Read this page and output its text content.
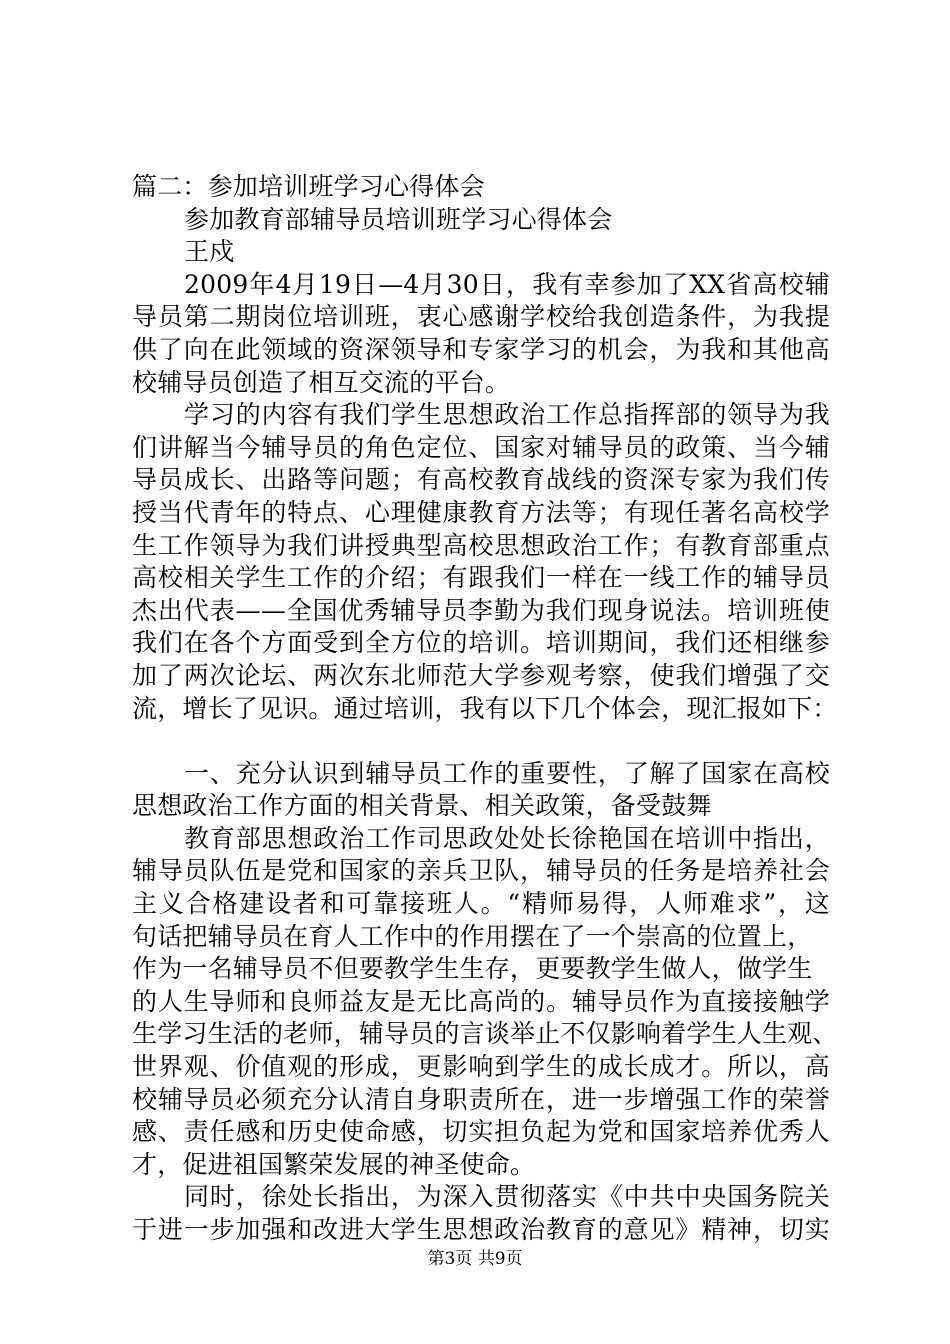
篇二：参加培训班学习心得体会
参加教育部辅导员培训班学习心得体会
王戍
2009年4月19日—4月30日，我有幸参加了XX省高校辅
导员第二期岗位培训班，衷心感谢学校给我创造条件，为我提
供了向在此领域的资深领导和专家学习的机会，为我和其他高
校辅导员创造了相互交流的平台。
学习的内容有我们学生思想政治工作总指挥部的领导为我
们讲解当今辅导员的角色定位、国家对辅导员的政策、当今辅
导员成长、出路等问题；有高校教育战线的资深专家为我们传
授当代青年的特点、心理健康教育方法等；有现任著名高校学
生工作领导为我们讲授典型高校思想政治工作；有教育部重点
高校相关学生工作的介绍；有跟我们一样在一线工作的辅导员
杰出代表——全国优秀辅导员李勤为我们现身说法。培训班使
我们在各个方面受到全方位的培训。培训期间，我们还相继参
加了两次论坛、两次东北师范大学参观考察，使我们增强了交
流，增长了见识。通过培训，我有以下几个体会，现汇报如下：
一、充分认识到辅导员工作的重要性，了解了国家在高校
思想政治工作方面的相关背景、相关政策，备受鼓舞
教育部思想政治工作司思政处处长徐艳国在培训中指出，
辅导员队伍是党和国家的亲兵卫队，辅导员的任务是培养社会
主义合格建设者和可靠接班人。“精师易得，人师难求”，这
句话把辅导员在育人工作中的作用摆在了一个崇高的位置上，
作为一名辅导员不但要教学生生存，更要教学生做人，做学生
的人生导师和良师益友是无比高尚的。辅导员作为直接接触学
生学习生活的老师，辅导员的言谈举止不仅影响着学生人生观、
世界观、价值观的形成，更影响到学生的成长成才。所以，高
校辅导员必须充分认清自身职责所在，进一步增强工作的荣誉
感、责任感和历史使命感，切实担负起为党和国家培养优秀人
才，促进祖国繁荣发展的神圣使命。
同时，徐处长指出，为深入贯彻落实《中共中央国务院关
于进一步加强和改进大学生思想政治教育的意见》精神，切实
第3页 共9页
